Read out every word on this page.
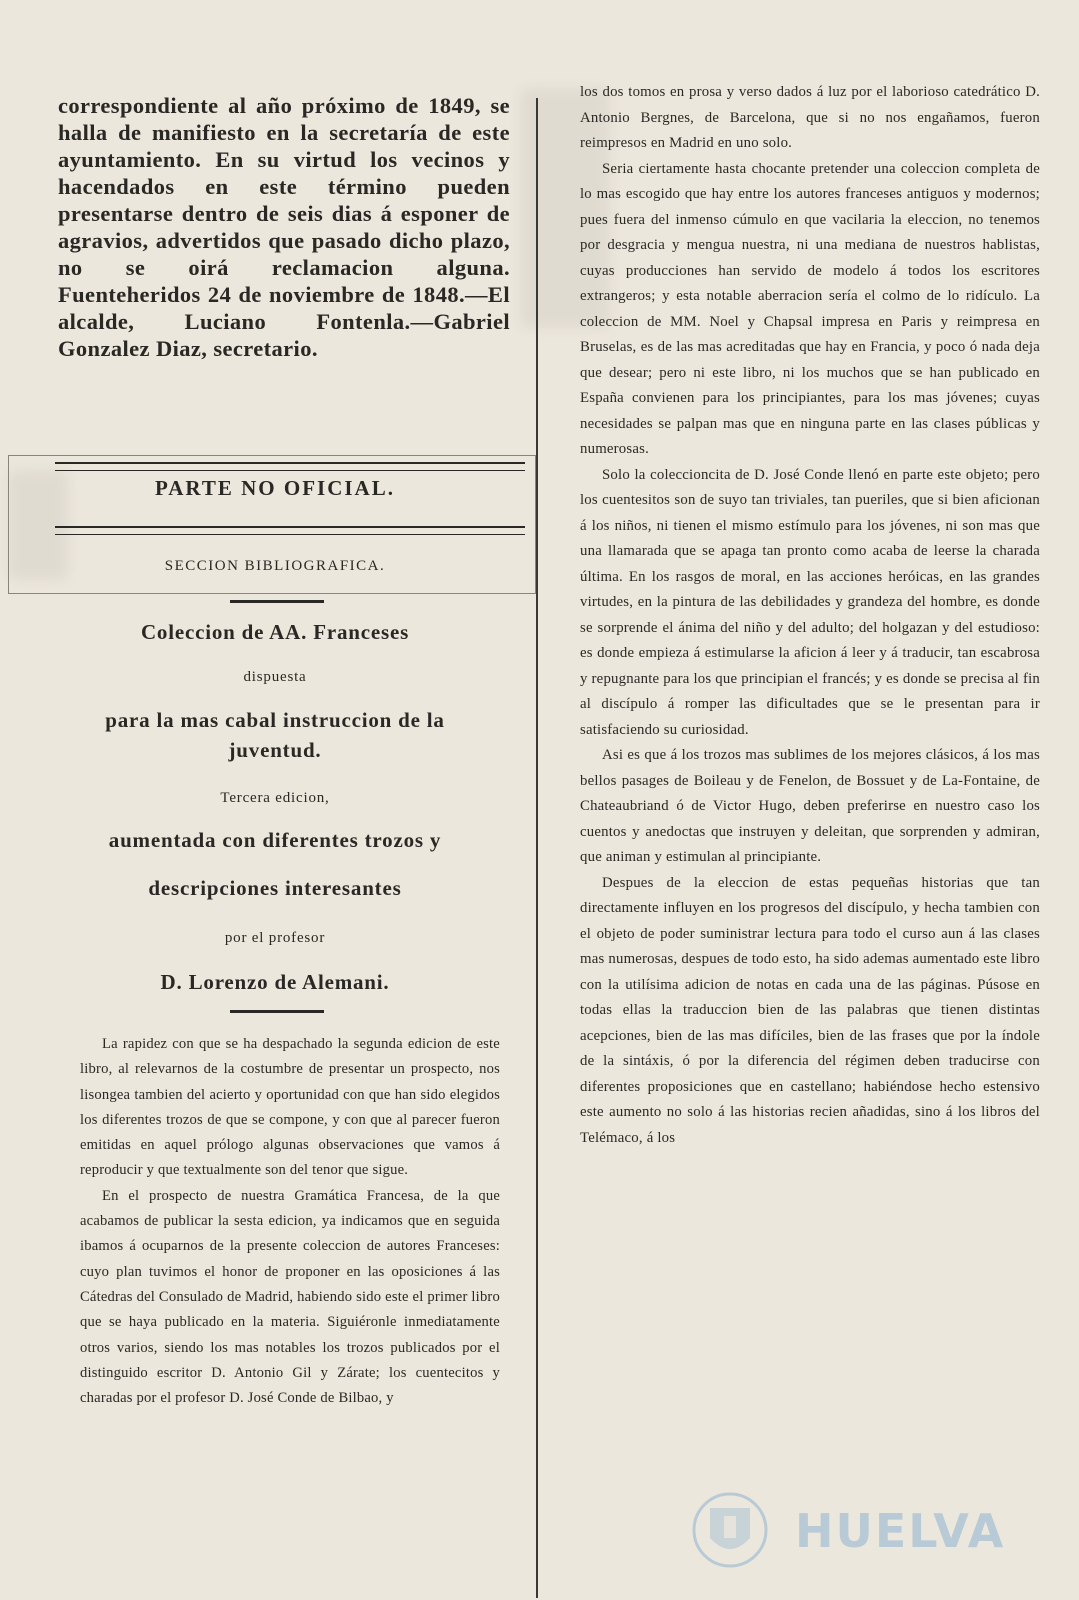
correspondiente al año próximo de 1849, se halla de manifiesto en la secretaría de este ayuntamiento. En su virtud los vecinos y hacendados en este término pueden presentarse dentro de seis dias á esponer de agravios, advertidos que pasado dicho plazo, no se oirá reclamacion alguna. Fuenteheridos 24 de noviembre de 1848.—El alcalde, Luciano Fontenla.—Gabriel Gonzalez Diaz, secretario.

PARTE NO OFICIAL.
SECCION BIBLIOGRAFICA.
Coleccion de AA. Franceses
dispuesta
para la mas cabal instruccion de la
juventud.
Tercera edicion,
aumentada con diferentes trozos y
descripciones interesantes
por el profesor
D. Lorenzo de Alemani.

La rapidez con que se ha despachado la segunda edicion de este libro, al relevarnos de la costumbre de presentar un prospecto, nos lisongea tambien del acierto y oportunidad con que han sido elegidos los diferentes trozos de que se compone, y con que al parecer fueron emitidas en aquel prólogo algunas observaciones que vamos á reproducir y que textualmente son del tenor que sigue.

En el prospecto de nuestra Gramática Francesa, de la que acabamos de publicar la sesta edicion, ya indicamos que en seguida ibamos á ocuparnos de la presente coleccion de autores Franceses: cuyo plan tuvimos el honor de proponer en las oposiciones á las Cátedras del Consulado de Madrid, habiendo sido este el primer libro que se haya publicado en la materia. Siguiéronle inmediatamente otros varios, siendo los mas notables los trozos publicados por el distinguido escritor D. Antonio Gil y Zárate; los cuentecitos y charadas por el profesor D. José Conde de Bilbao, y

los dos tomos en prosa y verso dados á luz por el laborioso catedrático D. Antonio Bergnes, de Barcelona, que si no nos engañamos, fueron reimpresos en Madrid en uno solo.

Seria ciertamente hasta chocante pretender una coleccion completa de lo mas escogido que hay entre los autores franceses antiguos y modernos; pues fuera del inmenso cúmulo en que vacilaria la eleccion, no tenemos por desgracia y mengua nuestra, ni una mediana de nuestros hablistas, cuyas producciones han servido de modelo á todos los escritores extrangeros; y esta notable aberracion sería el colmo de lo ridículo. La coleccion de MM. Noel y Chapsal impresa en Paris y reimpresa en Bruselas, es de las mas acreditadas que hay en Francia, y poco ó nada deja que desear; pero ni este libro, ni los muchos que se han publicado en España convienen para los principiantes, para los mas jóvenes; cuyas necesidades se palpan mas que en ninguna parte en las clases públicas y numerosas.

Solo la coleccioncita de D. José Conde llenó en parte este objeto; pero los cuentesitos son de suyo tan triviales, tan pueriles, que si bien aficionan á los niños, ni tienen el mismo estímulo para los jóvenes, ni son mas que una llamarada que se apaga tan pronto como acaba de leerse la charada última. En los rasgos de moral, en las acciones heróicas, en las grandes virtudes, en la pintura de las debilidades y grandeza del hombre, es donde se sorprende el ánima del niño y del adulto; del holgazan y del estudioso: es donde empieza á estimularse la aficion á leer y á traducir, tan escabrosa y repugnante para los que principian el francés; y es donde se precisa al fin al discípulo á romper las dificultades que se le presentan para ir satisfaciendo su curiosidad.

Asi es que á los trozos mas sublimes de los mejores clásicos, á los mas bellos pasages de Boileau y de Fenelon, de Bossuet y de La-Fontaine, de Chateaubriand ó de Victor Hugo, deben preferirse en nuestro caso los cuentos y anedoctas que instruyen y deleitan, que sorprenden y admiran, que animan y estimulan al principiante.

Despues de la eleccion de estas pequeñas historias que tan directamente influyen en los progresos del discípulo, y hecha tambien con el objeto de poder suministrar lectura para todo el curso aun á las clases mas numerosas, despues de todo esto, ha sido ademas aumentado este libro con la utilísima adicion de notas en cada una de las páginas. Púsose en todas ellas la traduccion bien de las palabras que tienen distintas acepciones, bien de las mas difíciles, bien de las frases que por la índole de la sintáxis, ó por la diferencia del régimen deben traducirse con diferentes proposiciones que en castellano; habiéndose hecho estensivo este aumento no solo á las historias recien añadidas, sino á los libros del Telémaco, á los

HUELVA
